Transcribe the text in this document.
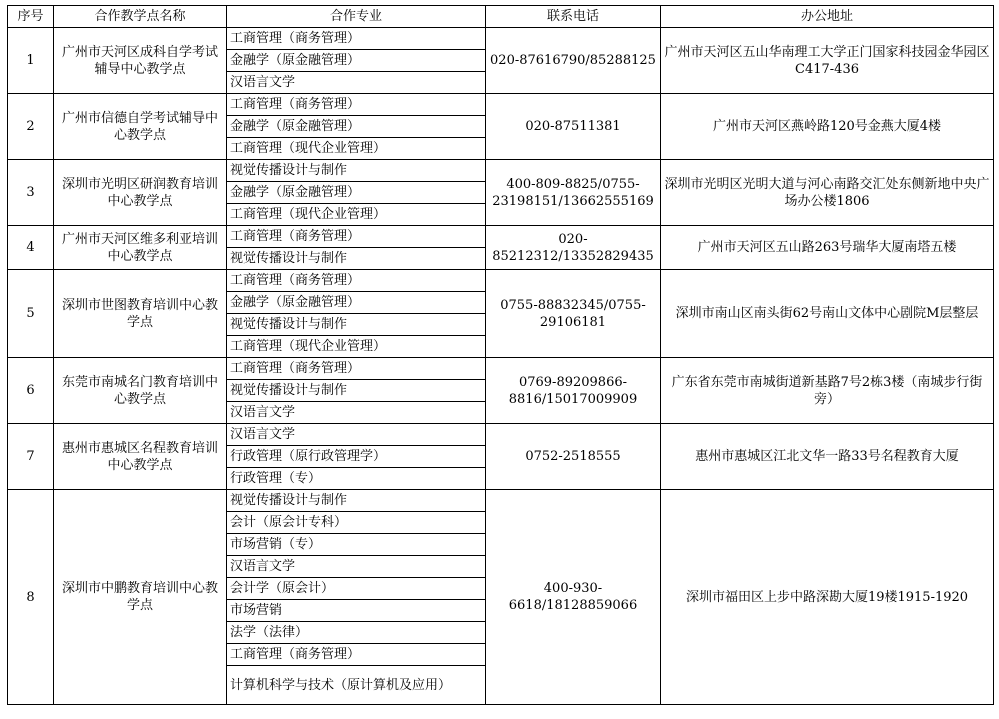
序号	合作教学点名称	合作专业	联系电话	办公地址
1	广州市天河区成科自学考试辅导中心教学点	工商管理（商务管理）	020-87616790/85288125	广州市天河区五山华南理工大学正门国家科技园金华园区C417-436
		金融学（原金融管理）		
		汉语言文学		
2	广州市信德自学考试辅导中心教学点	工商管理（商务管理）	020-87511381	广州市天河区燕岭路120号金燕大厦4楼
		金融学（原金融管理）		
		工商管理（现代企业管理）		
3	深圳市光明区研润教育培训中心教学点	视觉传播设计与制作	400-809-8825/0755-23198151/13662555169	深圳市光明区光明大道与河心南路交汇处东侧新地中央广场办公楼1806
		金融学（原金融管理）		
		工商管理（现代企业管理）		
4	广州市天河区维多利亚培训中心教学点	工商管理（商务管理）	020-85212312/13352829435	广州市天河区五山路263号瑞华大厦南塔五楼
		视觉传播设计与制作		
5	深圳市世图教育培训中心教学点	工商管理（商务管理）	0755-88832345/0755-29106181	深圳市南山区南头街62号南山文体中心剧院M层整层
		金融学（原金融管理）		
		视觉传播设计与制作		
		工商管理（现代企业管理）		
6	东莞市南城名门教育培训中心教学点	工商管理（商务管理）	0769-89209866-8816/15017009909	广东省东莞市南城街道新基路7号2栋3楼（南城步行街旁）
		视觉传播设计与制作		
		汉语言文学		
7	惠州市惠城区名程教育培训中心教学点	汉语言文学	0752-2518555	惠州市惠城区江北文华一路33号名程教育大厦
		行政管理（原行政管理学）		
		行政管理（专）		
8	深圳市中鹏教育培训中心教学点	视觉传播设计与制作	400-930-6618/18128859066	深圳市福田区上步中路深勘大厦19楼1915-1920
		会计（原会计专科）		
		市场营销（专）		
		汉语言文学		
		会计学（原会计）		
		市场营销		
		法学（法律）		
		工商管理（商务管理）		
		计算机科学与技术（原计算机及应用）		
